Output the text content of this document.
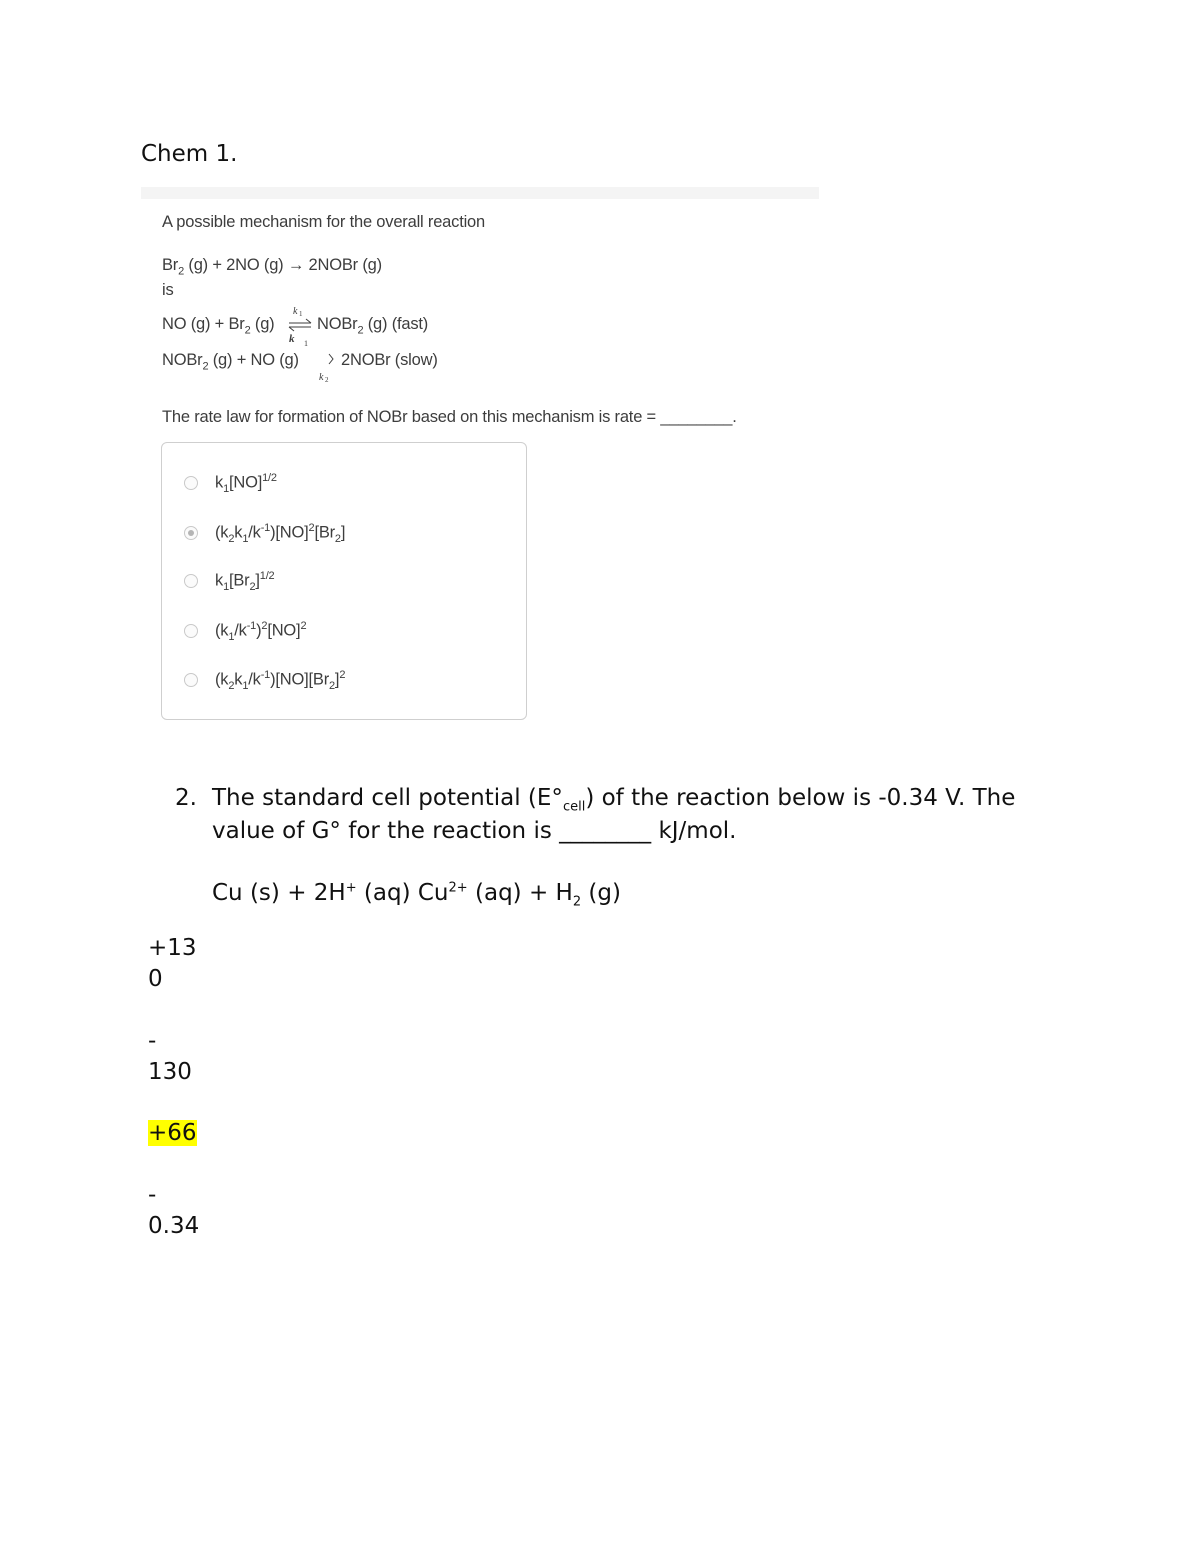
Chem 1.
A possible mechanism for the overall reaction
$Br_2$ (g) + 2NO (g) → 2NOBr (g)
is
NO $(g) + Br_2$ (g)
k 1
k 1
NOBr$_2$ (g) (fast)
NOBr$_2$ (g) + NO (g)
k 2
2NOBr (slow)
The rate law for formation of NOBr based on this mechanism is rate = ________.
$k_1[NO]^{1/2}$
$(k_2k_1/k^{-1})[NO]^2[Br_2]$
$k_1[Br_2]^{1/2}$
$(k_1/k^{-1})^2[NO]^2$
$(k_2k_1/k^{-1})[NO][Br_2]^2$
2. The standard cell potential $(E^\circ_{cell})$ of the reaction below is -0.34 V. The
value of G° for the reaction is ________ kJ/mol.
Cu (s) + 2H+ (aq) $Cu^{2+}$ $(aq) + H_2$ (g)
+13
0
-
130
+66
-
0.34
